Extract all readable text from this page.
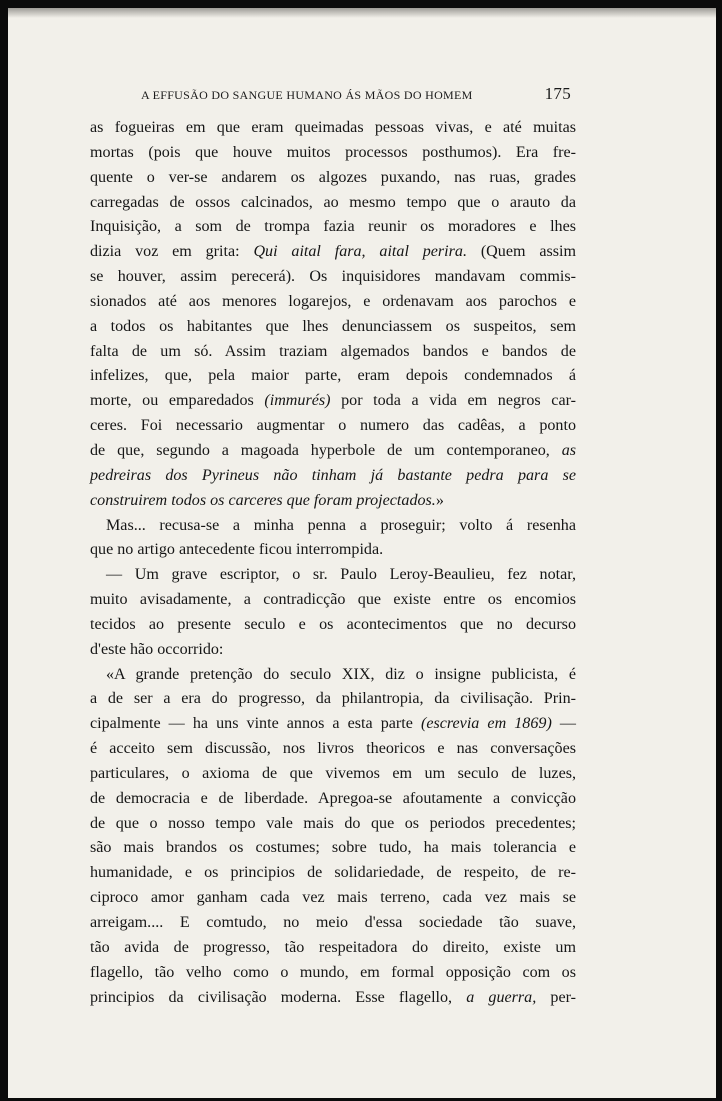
A EFFUSÃO DO SANGUE HUMANO ÁS MÃOS DO HOMEM	175
as fogueiras em que eram queimadas pessoas vivas, e até muitas
mortas (pois que houve muitos processos posthumos). Era fre-
quente o ver-se andarem os algozes puxando, nas ruas, grades
carregadas de ossos calcinados, ao mesmo tempo que o arauto da
Inquisição, a som de trompa fazia reunir os moradores e lhes
dizia voz em grita: Qui aital fara, aital perira. (Quem assim
se houver, assim perecerá). Os inquisidores mandavam commis-
sionados até aos menores logarejos, e ordenavam aos parochos e
a todos os habitantes que lhes denunciassem os suspeitos, sem
falta de um só. Assim traziam algemados bandos e bandos de
infelizes, que, pela maior parte, eram depois condemnados á
morte, ou emparedados (immurés) por toda a vida em negros car-
ceres. Foi necessario augmentar o numero das cadêas, a ponto
de que, segundo a magoada hyperbole de um contemporaneo, as
pedreiras dos Pyrineus não tinham já bastante pedra para se
construirem todos os carceres que foram projectados.»
Mas... recusa-se a minha penna a proseguir; volto á resenha
que no artigo antecedente ficou interrompida.
— Um grave escriptor, o sr. Paulo Leroy-Beaulieu, fez notar,
muito avisadamente, a contradicção que existe entre os encomios
tecidos ao presente seculo e os acontecimentos que no decurso
d'este hão occorrido:
«A grande pretenção do seculo XIX, diz o insigne publicista, é
a de ser a era do progresso, da philantropia, da civilisação. Prin-
cipalmente — ha uns vinte annos a esta parte (escrevia em 1869) —
é acceito sem discussão, nos livros theoricos e nas conversações
particulares, o axioma de que vivemos em um seculo de luzes,
de democracia e de liberdade. Apregoa-se afoutamente a convicção
de que o nosso tempo vale mais do que os periodos precedentes;
são mais brandos os costumes; sobre tudo, ha mais tolerancia e
humanidade, e os principios de solidariedade, de respeito, de re-
ciproco amor ganham cada vez mais terreno, cada vez mais se
arreigam.... E comtudo, no meio d'essa sociedade tão suave,
tão avida de progresso, tão respeitadora do direito, existe um
flagello, tão velho como o mundo, em formal opposição com os
principios da civilisação moderna. Esse flagello, a guerra, per-
